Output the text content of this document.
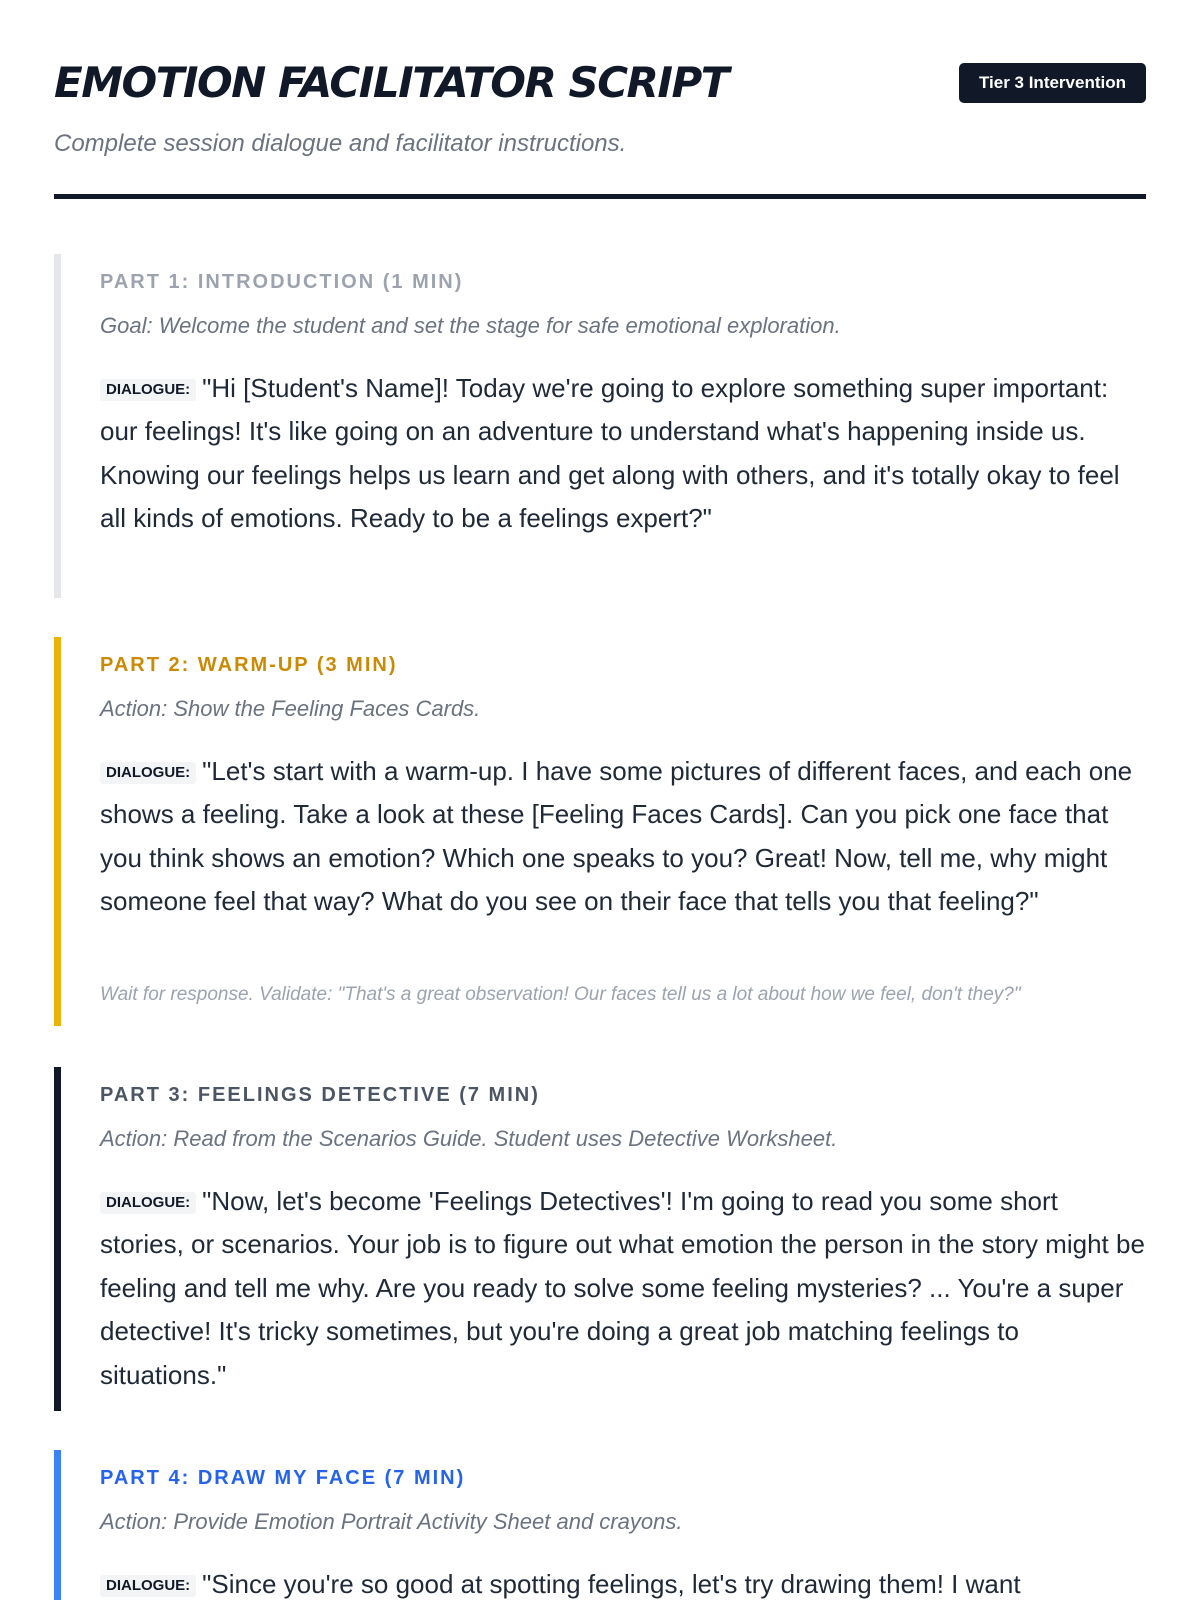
EMOTION FACILITATOR SCRIPT	Tier 3 Intervention
Complete session dialogue and facilitator instructions.
PART 1: INTRODUCTION (1 MIN)
Goal: Welcome the student and set the stage for safe emotional exploration.

DIALOGUE: "Hi [Student's Name]! Today we're going to explore something super important: our feelings! It's like going on an adventure to understand what's happening inside us. Knowing our feelings helps us learn and get along with others, and it's totally okay to feel all kinds of emotions. Ready to be a feelings expert?"

PART 2: WARM-UP (3 MIN)
Action: Show the Feeling Faces Cards.

DIALOGUE: "Let's start with a warm-up. I have some pictures of different faces, and each one shows a feeling. Take a look at these [Feeling Faces Cards]. Can you pick one face that you think shows an emotion? Which one speaks to you? Great! Now, tell me, why might someone feel that way? What do you see on their face that tells you that feeling?"

Wait for response. Validate: "That's a great observation! Our faces tell us a lot about how we feel, don't they?"
PART 3: FEELINGS DETECTIVE (7 MIN)
Action: Read from the Scenarios Guide. Student uses Detective Worksheet.

DIALOGUE: "Now, let's become 'Feelings Detectives'! I'm going to read you some short stories, or scenarios. Your job is to figure out what emotion the person in the story might be feeling and tell me why. Are you ready to solve some feeling mysteries? ... You're a super detective! It's tricky sometimes, but you're doing a great job matching feelings to situations."

PART 4: DRAW MY FACE (7 MIN)
Action: Provide Emotion Portrait Activity Sheet and crayons.

DIALOGUE: "Since you're so good at spotting feelings, let's try drawing them! I want
